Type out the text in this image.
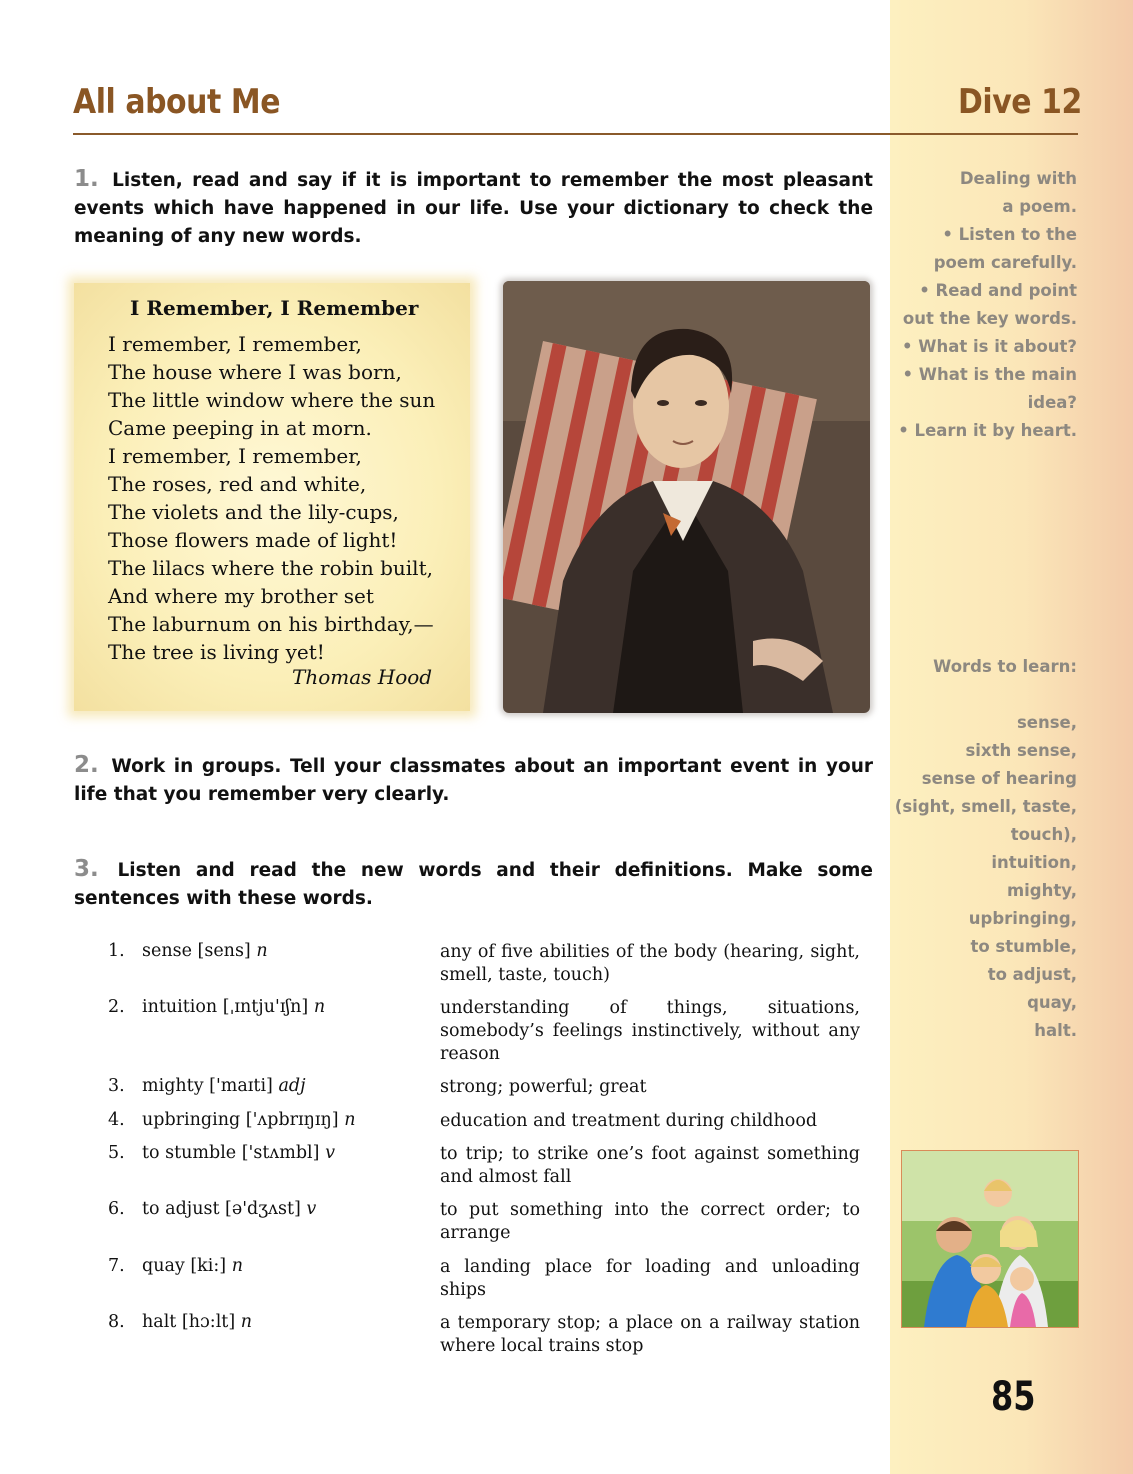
All about Me	Dive 12
1. Listen, read and say if it is important to remember the most pleasant events which have happened in our life. Use your dictionary to check the meaning of any new words.
I Remember, I Remember
I remember, I remember,
The house where I was born,
The little window where the sun
Came peeping in at morn.
I remember, I remember,
The roses, red and white,
The violets and the lily-cups,
Those flowers made of light!
The lilacs where the robin built,
And where my brother set
The laburnum on his birthday,—
The tree is living yet!
Thomas Hood
2. Work in groups. Tell your classmates about an important event in your life that you remember very clearly.
3. Listen and read the new words and their definitions. Make some sentences with these words.
1. sense [sens] n	any of five abilities of the body (hearing, sight, smell, taste, touch)
2. intuition [ˌɪntju'ɪʃn] n	understanding of things, situations, somebody’s feelings instinctively, without any reason
3. mighty ['maɪti] adj	strong; powerful; great
4. upbringing ['ʌpbrɪŋɪŋ] n	education and treatment during childhood
5. to stumble ['stʌmbl] v	to trip; to strike one’s foot against something and almost fall
6. to adjust [ə'dʒʌst] v	to put something into the correct order; to arrange
7. quay [ki:] n	a landing place for loading and unloading ships
8. halt [hɔ:lt] n	a temporary stop; a place on a railway station where local trains stop
Dealing with
a poem.
• Listen to the
poem carefully.
• Read and point
out the key words.
• What is it about?
• What is the main
idea?
• Learn it by heart.
Words to learn:
sense,
sixth sense,
sense of hearing
(sight, smell, taste,
touch),
intuition,
mighty,
upbringing,
to stumble,
to adjust,
quay,
halt.
85
